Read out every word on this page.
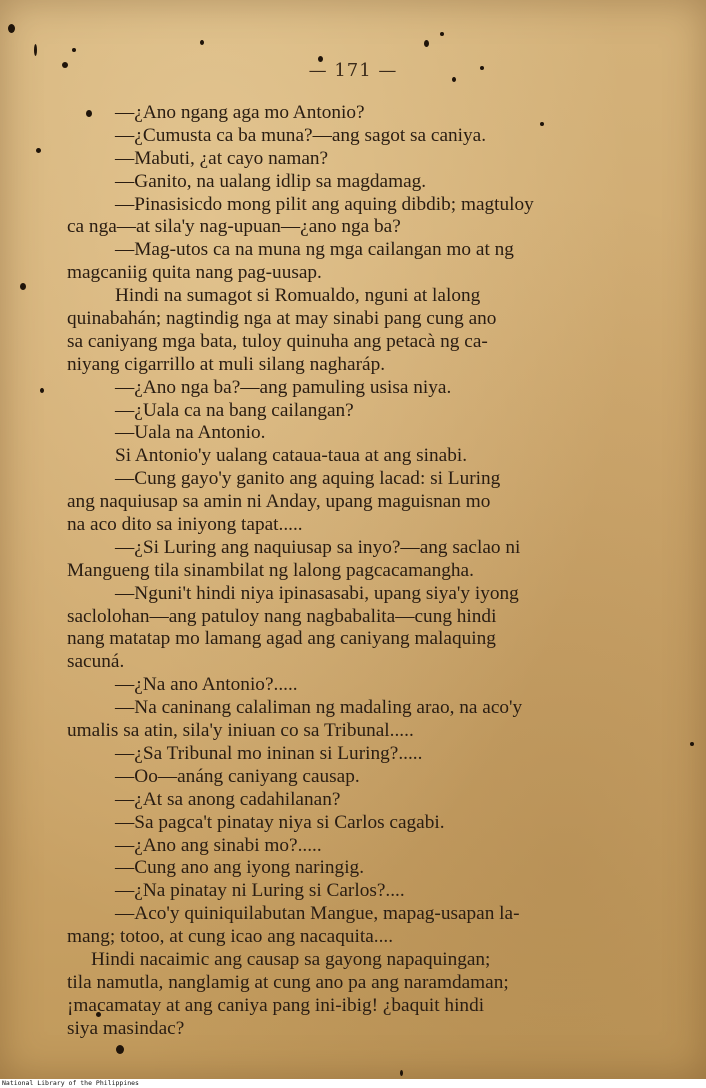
— 171 —
—¿Ano ngang aga mo Antonio?
—¿Cumusta ca ba muna?—ang sagot sa caniya.
—Mabuti, ¿at cayo naman?
—Ganito, na ualang idlip sa magdamag.
—Pinasisicdo mong pilit ang aquing dibdib; magtuloy
ca nga—at sila'y nag-upuan—¿ano nga ba?
—Mag-utos ca na muna ng mga cailangan mo at ng
magcaniig quita nang pag-uusap.
Hindi na sumagot si Romualdo, nguni at lalong
quinabahán; nagtindig nga at may sinabi pang cung ano
sa caniyang mga bata, tuloy quinuha ang petacà ng ca-
niyang cigarrillo at muli silang nagharáp.
—¿Ano nga ba?—ang pamuling usisa niya.
—¿Uala ca na bang cailangan?
—Uala na Antonio.
Si Antonio'y ualang cataua-taua at ang sinabi.
—Cung gayo'y ganito ang aquing lacad: si Luring
ang naquiusap sa amin ni Anday, upang maguisnan mo
na aco dito sa iniyong tapat.....
—¿Si Luring ang naquiusap sa inyo?—ang saclao ni
Mangueng tila sinambilat ng lalong pagcacamangha.
—Nguni't hindi niya ipinasasabi, upang siya'y iyong
saclolohan—ang patuloy nang nagbabalita—cung hindi
nang matatap mo lamang agad ang caniyang malaquing
sacuná.
—¿Na ano Antonio?.....
—Na caninang calaliman ng madaling arao, na aco'y
umalis sa atin, sila'y iniuan co sa Tribunal.....
—¿Sa Tribunal mo ininan si Luring?.....
—Oo—anáng caniyang causap.
—¿At sa anong cadahilanan?
—Sa pagca't pinatay niya si Carlos cagabi.
—¿Ano ang sinabi mo?.....
—Cung ano ang iyong naringig.
—¿Na pinatay ni Luring si Carlos?....
—Aco'y quiniquilabutan Mangue, mapag-usapan la-
mang; totoo, at cung icao ang nacaquita....
Hindi nacaimic ang causap sa gayong napaquingan;
tila namutla, nanglamig at cung ano pa ang naramdaman;
¡macamatay at ang caniya pang ini-ibig! ¿baquit hindi
siya masindac?
National Library of the Philippines
